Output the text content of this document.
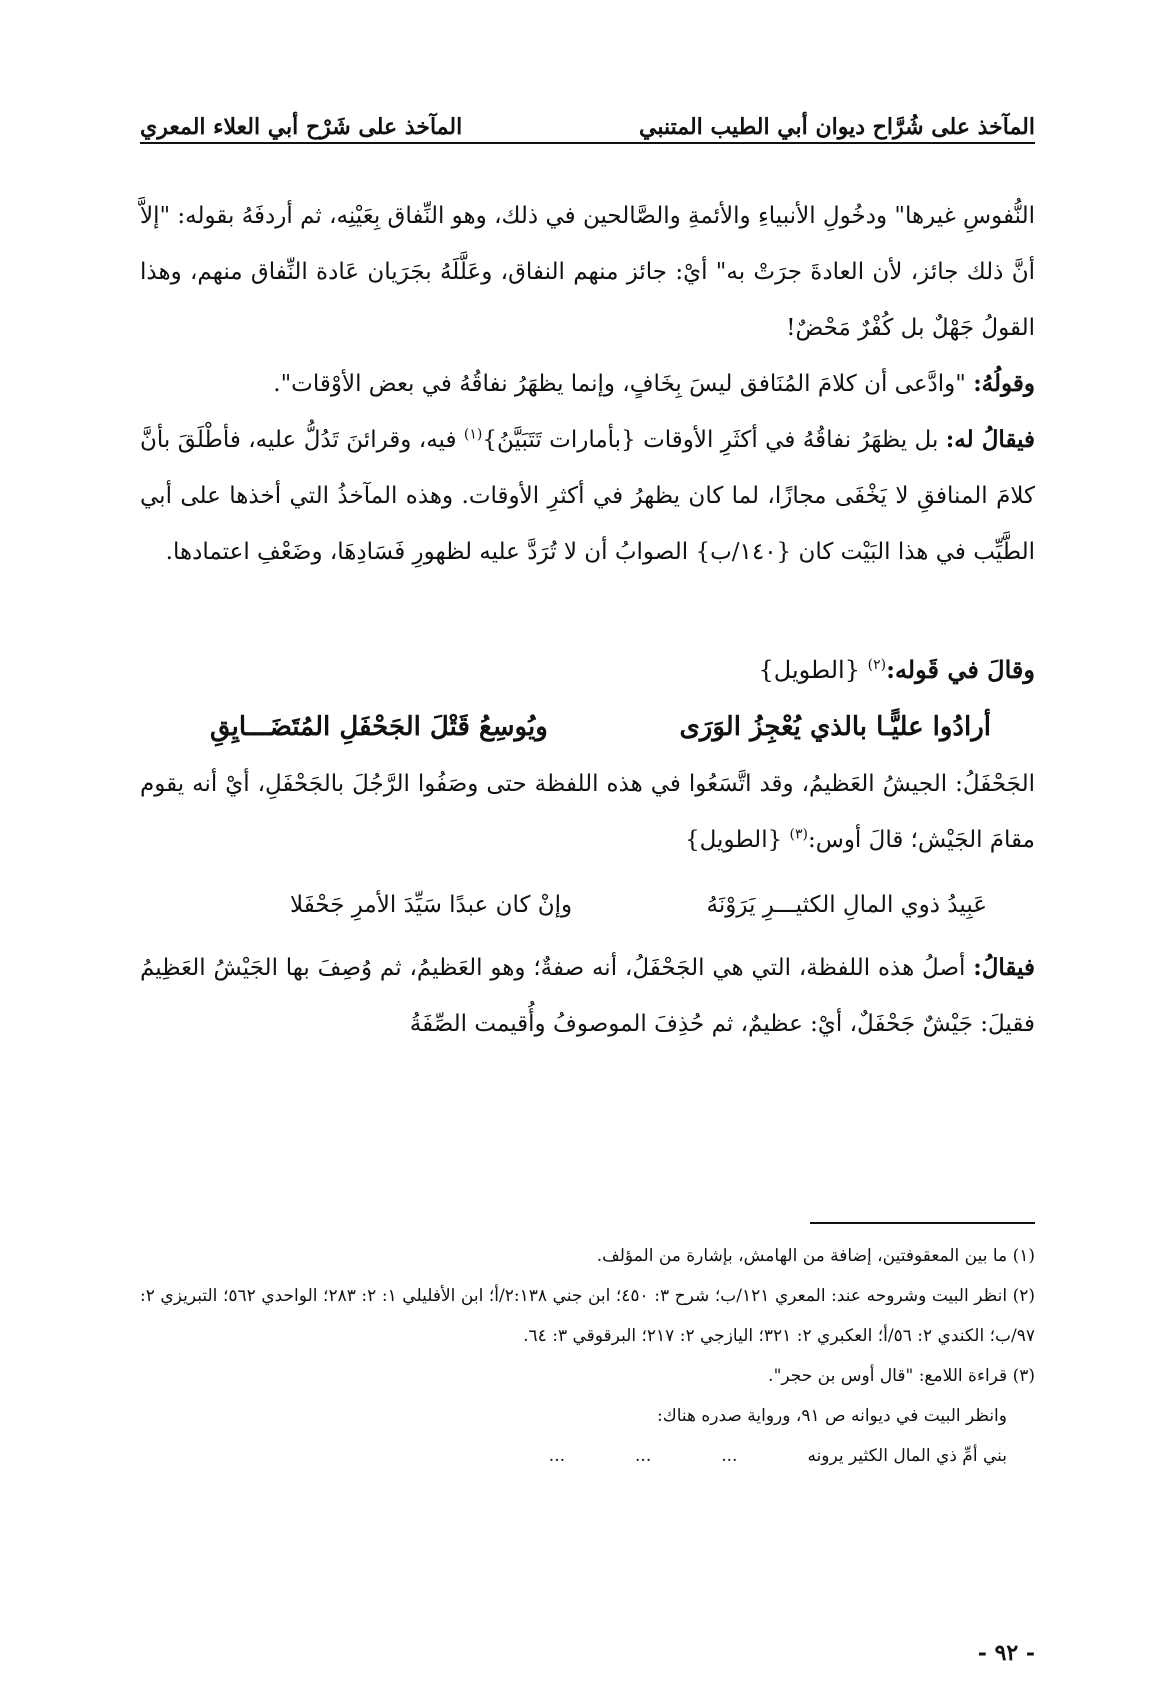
المآخذ على شُرَّاح ديوان أبي الطيب المتنبي
المآخذ على شَرْح أبي العلاء المعري

النُّفوسِ غيرها" ودخُولِ الأنبياءِ والأئمةِ والصَّالحين في ذلك، وهو النِّفاق بِعَيْنِه، ثم أردفَهُ بقوله: "إلاَّ أنَّ ذلك جائز، لأن العادةَ جرَتْ به" أيْ: جائز منهم النفاق، وعَلَّلَهُ بجَرَيان عَادة النِّفاق منهم، وهذا القولُ جَهْلٌ بل كُفْرٌ مَحْضٌ!

وقولُهُ: "وادَّعى أن كلامَ المُنَافق ليسَ بِخَافٍ، وإنما يظهَرُ نفاقُهُ في بعض الأوْقات".

فيقالُ له: بل يظهَرُ نفاقُهُ في أكثَرِ الأوقات {بأمارات تَتَبَيَّنُ}$^{(١)}$ فيه، وقرائنَ تَدُلُّ عليه، فأطْلَقَ بأنَّ كلامَ المنافقِ لا يَخْفَى مجازًا، لما كان يظهرُ في أكثرِ الأوقات. وهذه المآخذُ التي أخذها على أبي الطَّيِّب في هذا البَيْت كان {١٤٠/ب} الصوابُ أن لا تُرَدَّ عليه لظهورِ فَسَادِهَا، وضَعْفِ اعتمادها.

وقالَ في قَوله:$^{(٢)}$ {الطويل}

أرادُوا عليًّـا بالذي يُعْجِزُ الوَرَى
ويُوسِعُ قَتْلَ الجَحْفَلِ المُتَضَـــايِقِ

الجَحْفَلُ: الجيشُ العَظيمُ، وقد اتَّسَعُوا في هذه اللفظة حتى وصَفُوا الرَّجُلَ بالجَحْفَلِ، أيْ أنه يقوم مقامَ الجَيْش؛ قالَ أوس:$^{(٣)}$ {الطويل}

عَبِيدُ ذوي المالِ الكثيـــرِ يَرَوْنَهُ
وإنْ كان عبدًا سَيِّدَ الأمرِ جَحْفَلا

فيقالُ: أصلُ هذه اللفظة، التي هي الجَحْفَلُ، أنه صفةٌ؛ وهو العَظيمُ، ثم وُصِفَ بها الجَيْشُ العَظِيمُ فقيلَ: جَيْشٌ جَحْفَلٌ، أيْ: عظيمٌ، ثم حُذِفَ الموصوفُ وأُقيمت الصِّفَةُ

(١) ما بين المعقوفتين، إضافة من الهامش، بإشارة من المؤلف.

(٢) انظر البيت وشروحه عند: المعري ١٢١/ب؛ شرح ٣: ٤٥٠؛ ابن جني ٢:١٣٨/أ؛ ابن الأفليلي ١: ٢: ٢٨٣؛ الواحدي ٥٦٢؛ التبريزي ٢: ٩٧/ب؛ الكندي ٢: ٥٦/أ؛ العكبري ٢: ٣٢١؛ اليازجي ٢: ٢١٧؛ البرقوقي ٣: ٦٤.

(٣) قراءة اللامع: "قال أوس بن حجر".

وانظر البيت في ديوانه ص ٩١، ورواية صدره هناك:

بني أمِّ ذي المال الكثير يرونه
...
...
...
- ٩٢ -
